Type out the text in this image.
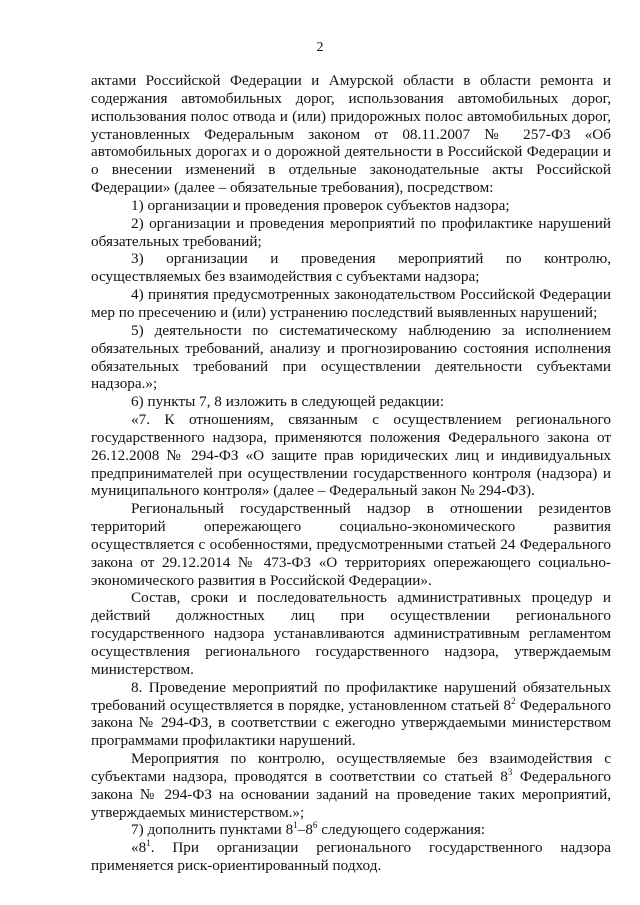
2

актами Российской Федерации и Амурской области в области ремонта и содержания автомобильных дорог, использования автомобильных дорог, использования полос отвода и (или) придорожных полос автомобильных дорог, установленных Федеральным законом от 08.11.2007 № 257-ФЗ «Об автомобильных дорогах и о дорожной деятельности в Российской Федерации и о внесении изменений в отдельные законодательные акты Российской Федерации» (далее – обязательные требования), посредством:

1) организации и проведения проверок субъектов надзора;

2) организации и проведения мероприятий по профилактике нарушений обязательных требований;

3) организации и проведения мероприятий по контролю, осуществляемых без взаимодействия с субъектами надзора;

4) принятия предусмотренных законодательством Российской Федерации мер по пресечению и (или) устранению последствий выявленных нарушений;

5) деятельности по систематическому наблюдению за исполнением обязательных требований, анализу и прогнозированию состояния исполнения обязательных требований при осуществлении деятельности субъектами надзора.»;

6) пункты 7, 8 изложить в следующей редакции:

«7. К отношениям, связанным с осуществлением регионального государственного надзора, применяются положения Федерального закона от 26.12.2008 № 294-ФЗ «О защите прав юридических лиц и индивидуальных предпринимателей при осуществлении государственного контроля (надзора) и муниципального контроля» (далее – Федеральный закон № 294-ФЗ).

Региональный государственный надзор в отношении резидентов территорий опережающего социально-экономического развития осуществляется с особенностями, предусмотренными статьей 24 Федерального закона от 29.12.2014 № 473-ФЗ «О территориях опережающего социально-экономического развития в Российской Федерации».

Состав, сроки и последовательность административных процедур и действий должностных лиц при осуществлении регионального государственного надзора устанавливаются административным регламентом осуществления регионального государственного надзора, утверждаемым министерством.

8. Проведение мероприятий по профилактике нарушений обязательных требований осуществляется в порядке, установленном статьей $8^2$ Федерального закона № 294-ФЗ, в соответствии с ежегодно утверждаемыми министерством программами профилактики нарушений.

Мероприятия по контролю, осуществляемые без взаимодействия с субъектами надзора, проводятся в соответствии со статьей $8^3$ Федерального закона № 294-ФЗ на основании заданий на проведение таких мероприятий, утверждаемых министерством.»;

7) дополнить пунктами $8^1-8^6$ следующего содержания:

«$8^1$. При организации регионального государственного надзора применяется риск-ориентированный подход.
